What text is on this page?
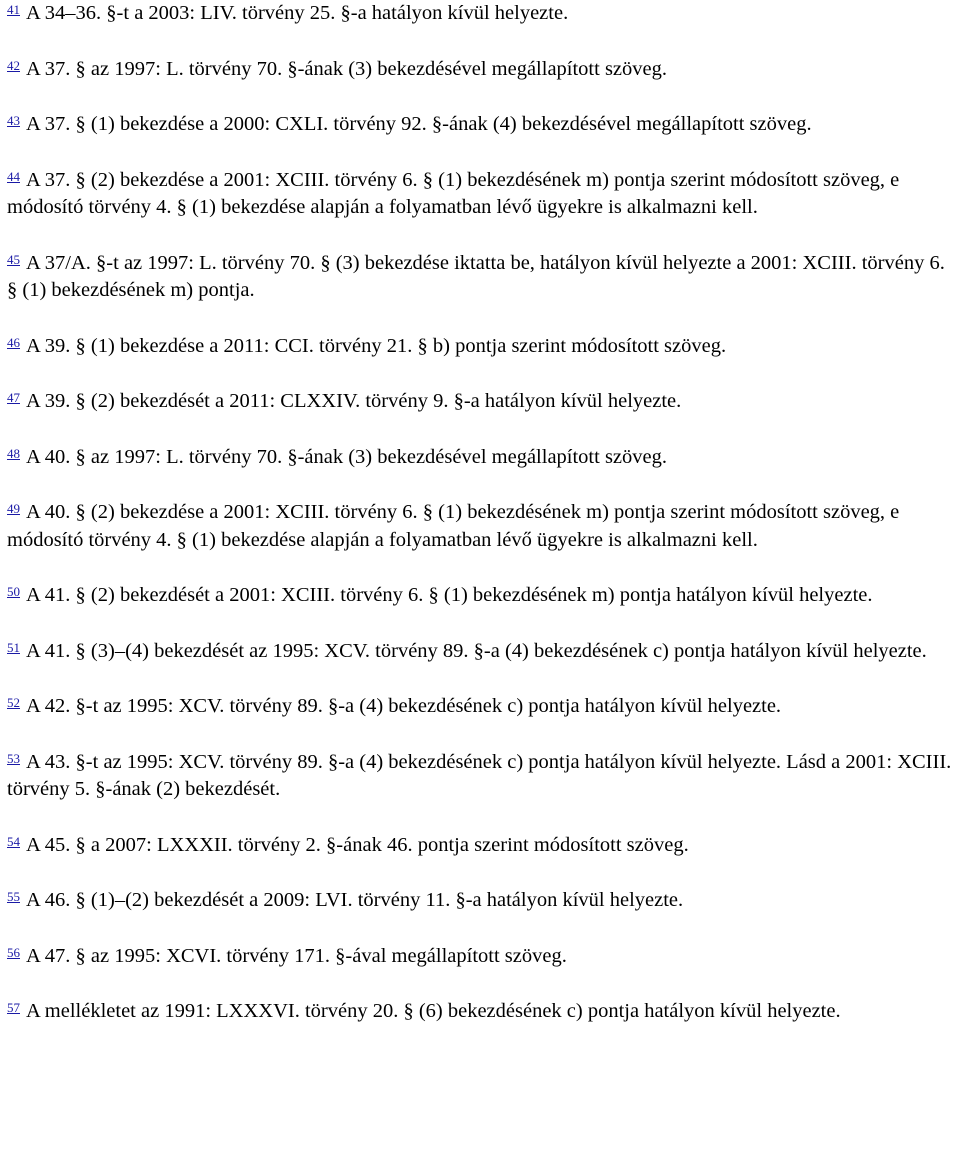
$^{41}$ A 34–36. §-t a 2003: LIV. törvény 25. §-a hatályon kívül helyezte.

$^{42}$ A 37. § az 1997: L. törvény 70. §-ának (3) bekezdésével megállapított szöveg.

$^{43}$ A 37. § (1) bekezdése a 2000: CXLI. törvény 92. §-ának (4) bekezdésével megállapított szöveg.

$^{44}$ A 37. § (2) bekezdése a 2001: XCIII. törvény 6. § (1) bekezdésének m) pontja szerint módosított szöveg, e módosító törvény 4. § (1) bekezdése alapján a folyamatban lévő ügyekre is alkalmazni kell.

$^{45}$ A 37/A. §-t az 1997: L. törvény 70. § (3) bekezdése iktatta be, hatályon kívül helyezte a 2001: XCIII. törvény 6. § (1) bekezdésének m) pontja.

$^{46}$ A 39. § (1) bekezdése a 2011: CCI. törvény 21. § b) pontja szerint módosított szöveg.

$^{47}$ A 39. § (2) bekezdését a 2011: CLXXIV. törvény 9. §-a hatályon kívül helyezte.

$^{48}$ A 40. § az 1997: L. törvény 70. §-ának (3) bekezdésével megállapított szöveg.

$^{49}$ A 40. § (2) bekezdése a 2001: XCIII. törvény 6. § (1) bekezdésének m) pontja szerint módosított szöveg, e módosító törvény 4. § (1) bekezdése alapján a folyamatban lévő ügyekre is alkalmazni kell.

$^{50}$ A 41. § (2) bekezdését a 2001: XCIII. törvény 6. § (1) bekezdésének m) pontja hatályon kívül helyezte.

$^{51}$ A 41. § (3)–(4) bekezdését az 1995: XCV. törvény 89. §-a (4) bekezdésének c) pontja hatályon kívül helyezte.

$^{52}$ A 42. §-t az 1995: XCV. törvény 89. §-a (4) bekezdésének c) pontja hatályon kívül helyezte.

$^{53}$ A 43. §-t az 1995: XCV. törvény 89. §-a (4) bekezdésének c) pontja hatályon kívül helyezte. Lásd a 2001: XCIII. törvény 5. §-ának (2) bekezdését.

$^{54}$ A 45. § a 2007: LXXXII. törvény 2. §-ának 46. pontja szerint módosított szöveg.

$^{55}$ A 46. § (1)–(2) bekezdését a 2009: LVI. törvény 11. §-a hatályon kívül helyezte.

$^{56}$ A 47. § az 1995: XCVI. törvény 171. §-ával megállapított szöveg.

$^{57}$ A mellékletet az 1991: LXXXVI. törvény 20. § (6) bekezdésének c) pontja hatályon kívül helyezte.
